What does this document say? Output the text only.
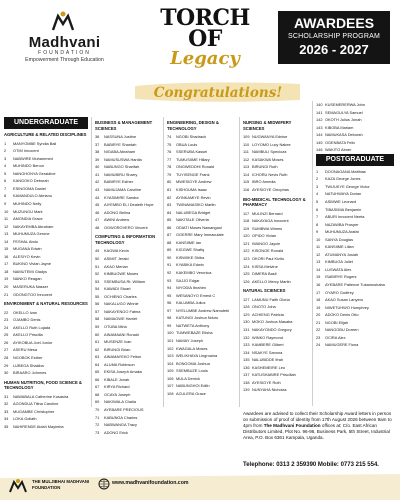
Madhvani
FOUNDATION
Empowerment Through Education
TORCH OF
Legacy
AWARDEES
SCHOLARSHIP PROGRAM
2026 - 2027
Congratulations!
UNDERGRADUATE
AGRICULTURE & RELATED DISCIPLINES
1 MANYOMBE Syndia Bali
2 OTIM Innocent
3 NABWIRE Muhammed
4 MUHINDO Benon
5 NANGHONYA Geraldine
6 KANGOKO Deborah
7 ESINGOMA Daniel
8 KAMANDULO Abrianu
9 MUHINDO Nelly
10 MUZUNGU Mark
11 AMONDIA Grace
12 NAKAYEMBA Abraham
13 MUHUMUZA Gerone
14 FESHAL Abdu
15 MUGANA Edwin
16 ALESIYO Kevin
17 BUKINO Vivian Jayne
18 NAMUTEMI Gladys
19 NANKO Reagan
20 MASERUKA Nasser
21 ODONGTOO Innocent
ENVIRONMENT & NATURAL RESOURCES
22 OKELLO Ivan
23 OJAMBO Denis
24 AKELLO Ruth Lujada
25 AKELLO Priscilla
26 AYIKOBUA Joel Junior
27 ASERU Mesa
28 NGOBOK Esther
29 LUBEGA Shakiba
30 BIRAARO Johnnes
HUMAN NUTRITION, FOOD SCIENCE & TECHNOLOGY
31 NAWABALA Catherine Kusasira
32 AGONDUA Titina Caroline
33 MUGAMBE Christopher
34 LOKA Goliath
35 NAHIRENDE Aidah Mayimba
BUSINESS & MANAGEMENT SCIENCES
36 NASSUNA Justine
37 BABIRYE Shantah
38 NIGABA Abraham
39 NAMUSUSWA Hanifa
40 NABUNGO Sharifah
41 NAMUBIRU Sharry
42 BABIRYE Esther
43 NAMUJAMA Caroline
44 KYASIMIRE Sandra
45 AIYEMBO ELI Dealeth Hope
46 ADONG Belina
47 AWINI Andrew
48 OGWOROVERO Vincent
COMPUTING & INFORMATION TECHNOLOGY
49 KAGWA Kevin
50 ASIMIT Jerald
51 AKAO Merian
52 KIMBUGWE Moses
53 SSEMBUSA Rt. William
54 KAWADI Stuart
55 OCHIENG Charles
56 NAKALUGO Winnie
57 NAKAYENGO Fatma
58 NAMAGWE Harriet
59 OTUBA Miria
60 AINAMAANI Ronald
61 MUSENZE Ivan
62 BIRUNGI Brian
63 AINAMAYEKO Felton
64 ALUMA Robinson
65 EKISA Joseph Amaka
66 KIBALE Jonah
67 KIRYA Richard
68 OCAYA Joseph
69 NAKIWALA Chalia
70 AYEBARE PRECIOUS
71 KABUNGA Charles
72 NABWANGA Tracy
73 ADONG Erick
ENGINEERING, DESIGN & TECHNOLOGY
74 NGOBI Shadrack
75 OBUA Louis
76 SSERUBA Kassel
77 TUMUSIIME Hillary
78 ONGWEDDHI Ronald
79 TUYISENGE Frank
80 MWESIGYE Andrew
81 KISHGUMA Isaac
82 AYINKAMIYE Revin
83 TWINAMASIKO Martin
84 NALUBEGA Bridget
85 NAKITALE Oliveria
86 ODIATI Moses Nawangaul
87 OGERRE Mary Immaculate
88 KANSIIME Ian
89 KIGGWE Shafiq
90 KISWIIKE Shiba
91 KYABIKA Edwin
92 KAKEMBO Veronica
93 SAJJO Edgar
94 NIYODIA Ibrahim
95 WESANOYO Ernest C
96 KALUMBA Julius
97 NYELUMBE Andrew Namutebi
98 KATUNGI Joshua Nduru
99 NATWETA Anthony
100 TUMWEBAZE Elisha
101 NAMAY Joseph
102 KWAGALA Moses
103 WELIKHAYA Lingroaina
104 BONGOMA Joshua
105 SSEMBUZE Louis
106 MULA Derrick
107 NABUNGHOI Edith
108 ACULERA Grace
NURSING & MIDWIFERY SCIENCES
109 NUGWANYA Ednise
110 LOYOMO Lucy Nakee
111 NAMBULI Specioza
112 KASAKWA Moses
113 BIRUNGI Ruth
114 ICHORU Nevis Ruth
115 IBRO Amedia
116 AYESIGYE Cleophas
BIO-MEDICAL TECHNOLOGY & PHARMACY
117 MULINZI Bernard
118 NAKAYAGA Innocent
119 SUMBWA Wimes
120 OPIDO Vivian
121 IWANGO Jaycie
122 KISONGE Ronald
123 OKORI Paul Kizito
124 KISSA Melvine
125 DIMERA Basil
126 AKELLO Mercy Martin
NATURAL SCIENCES
127 LAMUNU Faith Gloria
128 ONOTO Joha
129 ACHIENG Patricia
130 MOKO Joshua Masaba
131 NAKAYONDO Gregory
132 WINKO Raymond
133 KAMBERE Gilbert
134 NSAKYE Sanona
135 NALUBIDDE Ifrah
136 KASHEMEIRE Leo
137 KATUSHABIRE Priscillah
138 AYESIGYE Ruth
139 NUNYAHA Nicholas
140 KUSEMERERWA John
141 SEMAGULYA Samuel
142 OKOTH Julius Jonah
143 KIBOBA Mariam
144 NAMUKASA Deborah
145 OGENBATA Felix
146 WAKITO Abner
POSTGRADUATE
1 DOONAGANA Matthias
2 KAZA George Jones
3 TWIJUKYE George Victor
4 NATUHWAYA Dorian
5 ASIMWE Leonard
6 TIBASIIMA Benjamin
7 ABURI Innocent Neeta
8 NAZAWBA Prosper
9 MUHUMUZA Arafat
10 SANYA Douglas
11 KANSIIME Lilian
12 ATUMANYA Josiah
13 KIMBUGA Juliet
14 LUSWATA Alex
15 ISABIRYE Rogers
16 AYEBARE Patience Tukamushaba
17 OYARO Godfrey
18 AKAO Susan Lanyero
19 NIWETUHWO Humphrey
20 ADOKO Denis Otto
21 NGOBI Elijah
22 NANGOBU Doreen
23 OCIRA Alex
24 NAMUGERE Fiona
Awardees are advised to collect their Scholarship Award letters in person on submission of proof of identity from 17th August 2026 between 9am to 4pm from The Madhvani Foundation offices at: C/o. East African Distributors Limited, Plot No. 96-98, Business Park, 5th Street, Industrial Area, P.O. Box 6361 Kampala, Uganda.
Telephone: 0313 2 359390 Mobile: 0773 215 554.
THE MULJIBHAI MADHVANI
FOUNDATION
www.madhvanifoundation.com
